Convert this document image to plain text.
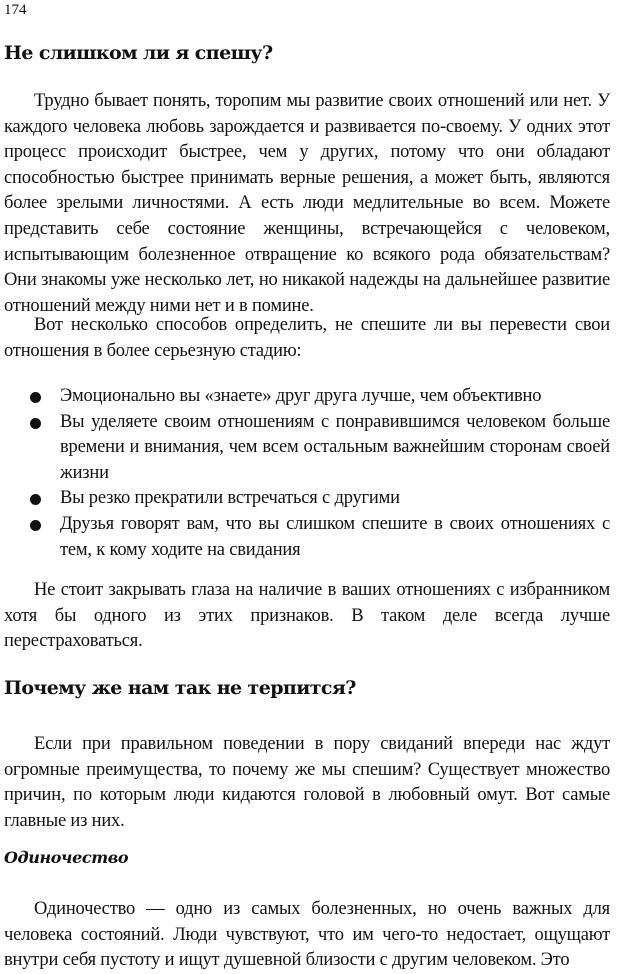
174

Не слишком ли я спешу?

Трудно бывает понять, торопим мы развитие своих отношений или нет. У каждого человека любовь зарождается и развивается по-своему. У одних этот процесс происходит быстрее, чем у других, потому что они обладают способностью быстрее принимать верные решения, а может быть, являются более зрелыми личностями. А есть люди медлительные во всем. Можете представить себе состояние женщины, встречающейся с человеком, испытывающим болезненное отвращение ко всякого рода обязательствам? Они знакомы уже несколько лет, но никакой надежды на дальнейшее развитие отношений между ними нет и в помине.

Вот несколько способов определить, не спешите ли вы перевести свои отношения в более серьезную стадию:

Эмоционально вы «знаете» друг друга лучше, чем объективно
Вы уделяете своим отношениям с понравившимся человеком больше времени и внимания, чем всем остальным важнейшим сторонам своей жизни
Вы резко прекратили встречаться с другими
Друзья говорят вам, что вы слишком спешите в своих отношениях с тем, к кому ходите на свидания

Не стоит закрывать глаза на наличие в ваших отношениях с избранником хотя бы одного из этих признаков. В таком деле всегда лучше перестраховаться.

Почему же нам так не терпится?

Если при правильном поведении в пору свиданий впереди нас ждут огромные преимущества, то почему же мы спешим? Существует множество причин, по которым люди кидаются головой в любовный омут. Вот самые главные из них.

Одиночество

Одиночество — одно из самых болезненных, но очень важных для человека состояний. Люди чувствуют, что им чего-то недостает, ощущают внутри себя пустоту и ищут душевной близости с другим человеком. Это
